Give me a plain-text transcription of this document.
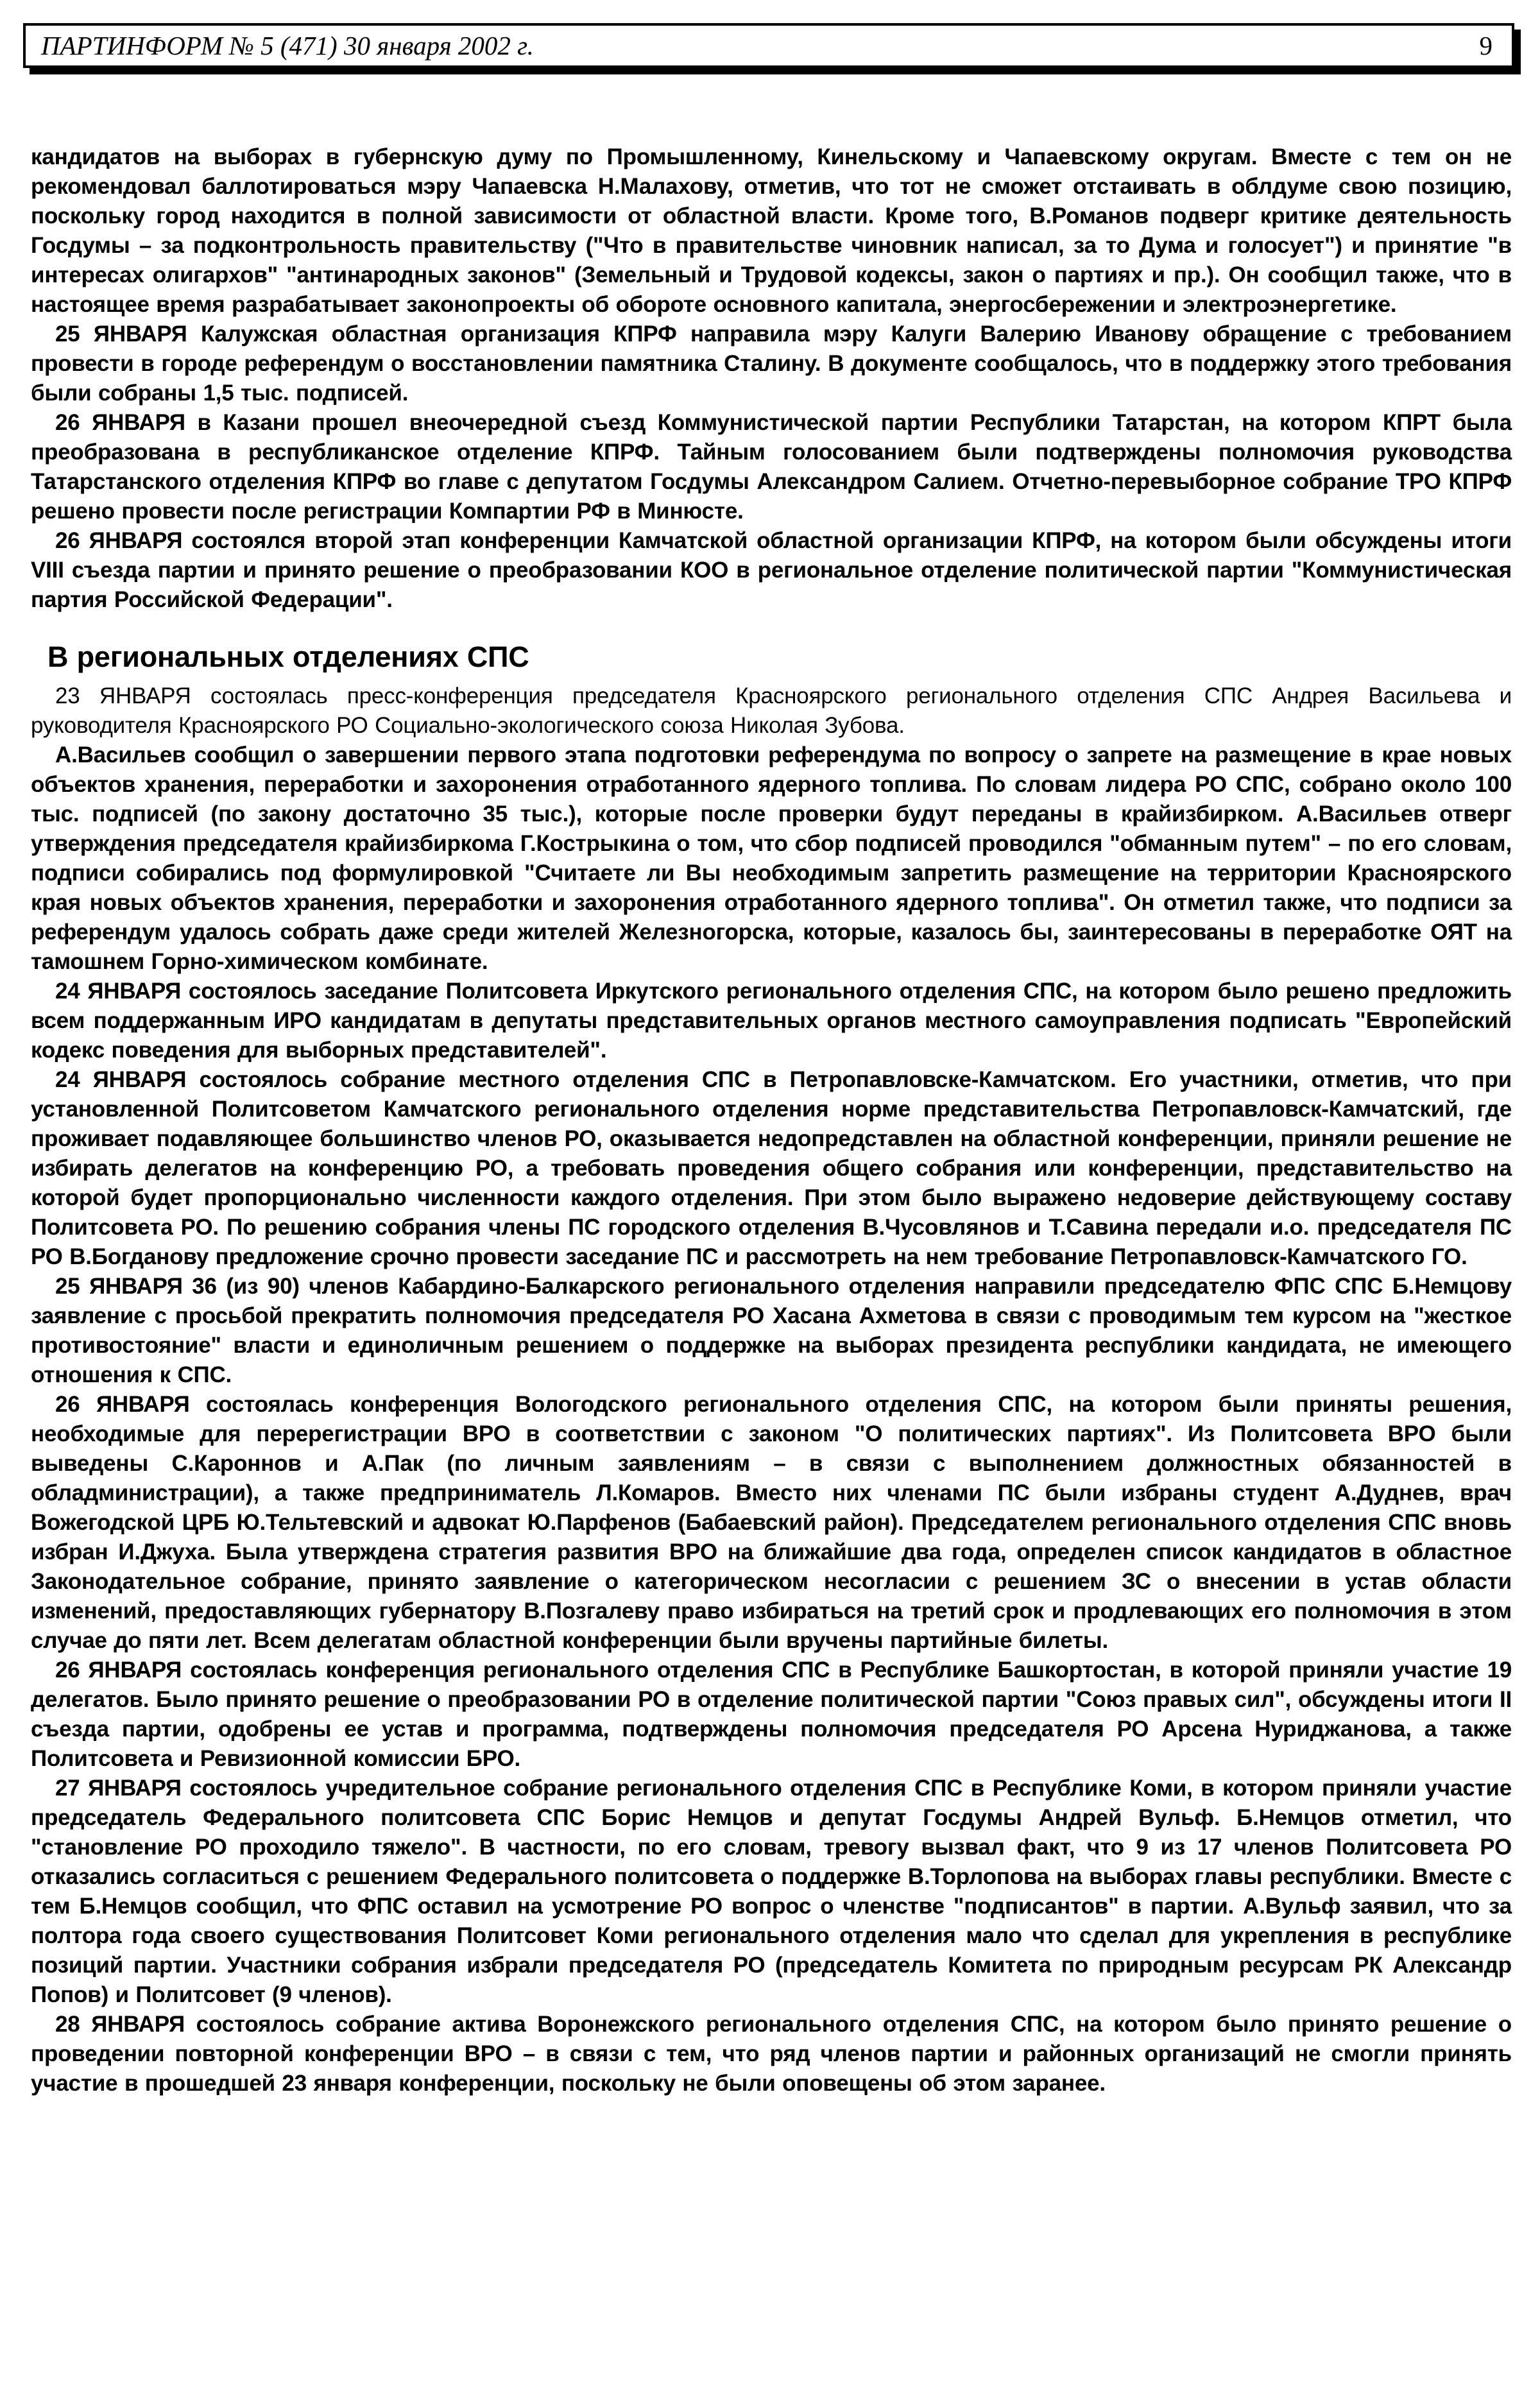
ПАРТИНФОРМ № 5 (471) 30 января 2002 г.	9

кандидатов на выборах в губернскую думу по Промышленному, Кинельскому и Чапаевскому округам. Вместе с тем он не рекомендовал баллотироваться мэру Чапаевска Н.Малахову, отметив, что тот не сможет отстаивать в облдуме свою позицию, поскольку город находится в полной зависимости от областной власти. Кроме того, В.Романов подверг критике деятельность Госдумы – за подконтрольность правительству ("Что в правительстве чиновник написал, за то Дума и голосует") и принятие "в интересах олигархов" "антинародных законов" (Земельный и Трудовой кодексы, закон о партиях и пр.). Он сообщил также, что в настоящее время разрабатывает законопроекты об обороте основного капитала, энергосбережении и электроэнергетике.

25 ЯНВАРЯ Калужская областная организация КПРФ направила мэру Калуги Валерию Иванову обращение с требованием провести в городе референдум о восстановлении памятника Сталину. В документе сообщалось, что в поддержку этого требования были собраны 1,5 тыс. подписей.

26 ЯНВАРЯ в Казани прошел внеочередной съезд Коммунистической партии Республики Татарстан, на котором КПРТ была преобразована в республиканское отделение КПРФ. Тайным голосованием были подтверждены полномочия руководства Татарстанского отделения КПРФ во главе с депутатом Госдумы Александром Салием. Отчетно-перевыборное собрание ТРО КПРФ решено провести после регистрации Компартии РФ в Минюсте.

26 ЯНВАРЯ состоялся второй этап конференции Камчатской областной организации КПРФ, на котором были обсуждены итоги VIII съезда партии и принято решение о преобразовании КОО в региональное отделение политической партии "Коммунистическая партия Российской Федерации".

В региональных отделениях СПС

23 ЯНВАРЯ состоялась пресс-конференция председателя Красноярского регионального отделения СПС Андрея Васильева и руководителя Красноярского РО Социально-экологического союза Николая Зубова.

А.Васильев сообщил о завершении первого этапа подготовки референдума по вопросу о запрете на размещение в крае новых объектов хранения, переработки и захоронения отработанного ядерного топлива. По словам лидера РО СПС, собрано около 100 тыс. подписей (по закону достаточно 35 тыс.), которые после проверки будут переданы в крайизбирком. А.Васильев отверг утверждения председателя крайизбиркома Г.Кострыкина о том, что сбор подписей проводился "обманным путем" – по его словам, подписи собирались под формулировкой "Считаете ли Вы необходимым запретить размещение на территории Красноярского края новых объектов хранения, переработки и захоронения отработанного ядерного топлива". Он отметил также, что подписи за референдум удалось собрать даже среди жителей Железногорска, которые, казалось бы, заинтересованы в переработке ОЯТ на тамошнем Горно-химическом комбинате.

24 ЯНВАРЯ состоялось заседание Политсовета Иркутского регионального отделения СПС, на котором было решено предложить всем поддержанным ИРО кандидатам в депутаты представительных органов местного самоуправления подписать "Европейский кодекс поведения для выборных представителей".

24 ЯНВАРЯ состоялось собрание местного отделения СПС в Петропавловске-Камчатском. Его участники, отметив, что при установленной Политсоветом Камчатского регионального отделения норме представительства Петропавловск-Камчатский, где проживает подавляющее большинство членов РО, оказывается недопредставлен на областной конференции, приняли решение не избирать делегатов на конференцию РО, а требовать проведения общего собрания или конференции, представительство на которой будет пропорционально численности каждого отделения. При этом было выражено недоверие действующему составу Политсовета РО. По решению собрания члены ПС городского отделения В.Чусовлянов и Т.Савина передали и.о. председателя ПС РО В.Богданову предложение срочно провести заседание ПС и рассмотреть на нем требование Петропавловск-Камчатского ГО.

25 ЯНВАРЯ 36 (из 90) членов Кабардино-Балкарского регионального отделения направили председателю ФПС СПС Б.Немцову заявление с просьбой прекратить полномочия председателя РО Хасана Ахметова в связи с проводимым тем курсом на "жесткое противостояние" власти и единоличным решением о поддержке на выборах президента республики кандидата, не имеющего отношения к СПС.

26 ЯНВАРЯ состоялась конференция Вологодского регионального отделения СПС, на котором были приняты решения, необходимые для перерегистрации ВРО в соответствии с законом "О политических партиях". Из Политсовета ВРО были выведены С.Кароннов и А.Пак (по личным заявлениям – в связи с выполнением должностных обязанностей в обладминистрации), а также предприниматель Л.Комаров. Вместо них членами ПС были избраны студент А.Дуднев, врач Вожегодской ЦРБ Ю.Тельтевский и адвокат Ю.Парфенов (Бабаевский район). Председателем регионального отделения СПС вновь избран И.Джуха. Была утверждена стратегия развития ВРО на ближайшие два года, определен список кандидатов в областное Законодательное собрание, принято заявление о категорическом несогласии с решением ЗС о внесении в устав области изменений, предоставляющих губернатору В.Позгалеву право избираться на третий срок и продлевающих его полномочия в этом случае до пяти лет. Всем делегатам областной конференции были вручены партийные билеты.

26 ЯНВАРЯ состоялась конференция регионального отделения СПС в Республике Башкортостан, в которой приняли участие 19 делегатов. Было принято решение о преобразовании РО в отделение политической партии "Союз правых сил", обсуждены итоги II съезда партии, одобрены ее устав и программа, подтверждены полномочия председателя РО Арсена Нуриджанова, а также Политсовета и Ревизионной комиссии БРО.

27 ЯНВАРЯ состоялось учредительное собрание регионального отделения СПС в Республике Коми, в котором приняли участие председатель Федерального политсовета СПС Борис Немцов и депутат Госдумы Андрей Вульф. Б.Немцов отметил, что "становление РО проходило тяжело". В частности, по его словам, тревогу вызвал факт, что 9 из 17 членов Политсовета РО отказались согласиться с решением Федерального политсовета о поддержке В.Торлопова на выборах главы республики. Вместе с тем Б.Немцов сообщил, что ФПС оставил на усмотрение РО вопрос о членстве "подписантов" в партии. А.Вульф заявил, что за полтора года своего существования Политсовет Коми регионального отделения мало что сделал для укрепления в республике позиций партии. Участники собрания избрали председателя РО (председатель Комитета по природным ресурсам РК Александр Попов) и Политсовет (9 членов).

28 ЯНВАРЯ состоялось собрание актива Воронежского регионального отделения СПС, на котором было принято решение о проведении повторной конференции ВРО – в связи с тем, что ряд членов партии и районных организаций не смогли принять участие в прошедшей 23 января конференции, поскольку не были оповещены об этом заранее.
